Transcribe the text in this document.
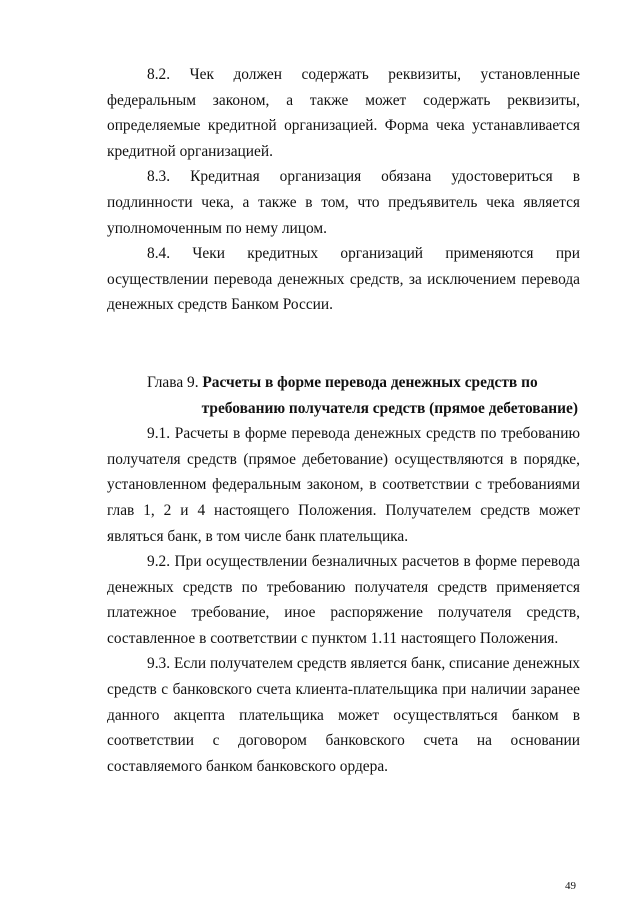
8.2. Чек должен содержать реквизиты, установленные федеральным законом, а также может содержать реквизиты, определяемые кредитной организацией. Форма чека устанавливается кредитной организацией.

8.3. Кредитная организация обязана удостовериться в подлинности чека, а также в том, что предъявитель чека является уполномоченным по нему лицом.

8.4. Чеки кредитных организаций применяются при осуществлении перевода денежных средств, за исключением перевода денежных средств Банком России.

Глава 9. Расчеты в форме перевода денежных средств по
требованию получателя средств (прямое дебетование)

9.1. Расчеты в форме перевода денежных средств по требованию получателя средств (прямое дебетование) осуществляются в порядке, установленном федеральным законом, в соответствии с требованиями глав 1, 2 и 4 настоящего Положения. Получателем средств может являться банк, в том числе банк плательщика.

9.2. При осуществлении безналичных расчетов в форме перевода денежных средств по требованию получателя средств применяется платежное требование, иное распоряжение получателя средств, составленное в соответствии с пунктом 1.11 настоящего Положения.

9.3. Если получателем средств является банк, списание денежных средств с банковского счета клиента-плательщика при наличии заранее данного акцепта плательщика может осуществляться банком в соответствии с договором банковского счета на основании составляемого банком банковского ордера.

49
